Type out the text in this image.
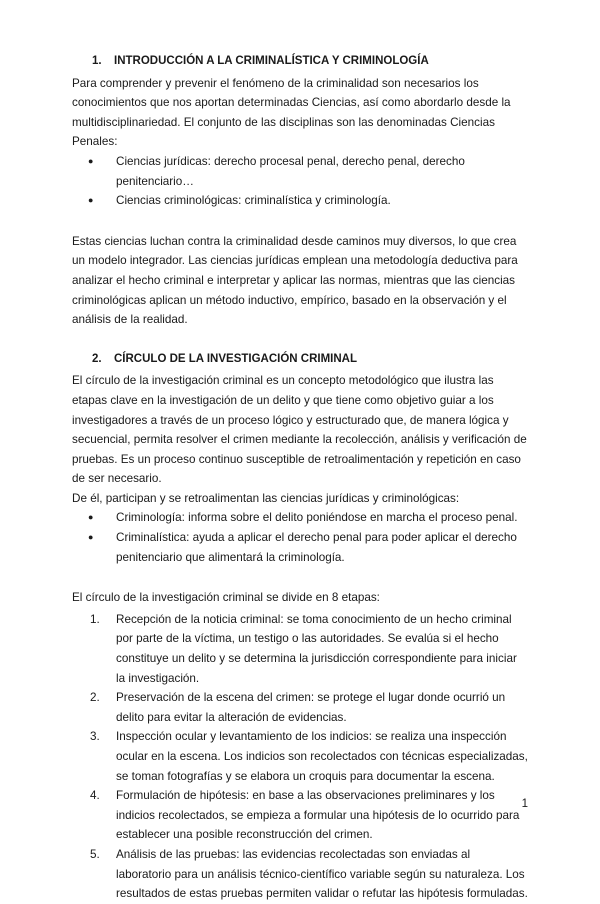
1.	INTRODUCCIÓN A LA CRIMINALÍSTICA Y CRIMINOLOGÍA

Para comprender y prevenir el fenómeno de la criminalidad son necesarios los conocimientos que nos aportan determinadas Ciencias, así como abordarlo desde la multidisciplinariedad. El conjunto de las disciplinas son las denominadas Ciencias Penales:

● Ciencias jurídicas: derecho procesal penal, derecho penal, derecho penitenciario…
● Ciencias criminológicas: criminalística y criminología.

Estas ciencias luchan contra la criminalidad desde caminos muy diversos, lo que crea un modelo integrador. Las ciencias jurídicas emplean una metodología deductiva para analizar el hecho criminal e interpretar y aplicar las normas, mientras que las ciencias criminológicas aplican un método inductivo, empírico, basado en la observación y el análisis de la realidad.

2.	CÍRCULO DE LA INVESTIGACIÓN CRIMINAL

El círculo de la investigación criminal es un concepto metodológico que ilustra las etapas clave en la investigación de un delito y que tiene como objetivo guiar a los investigadores a través de un proceso lógico y estructurado que, de manera lógica y secuencial, permita resolver el crimen mediante la recolección, análisis y verificación de pruebas. Es un proceso continuo susceptible de retroalimentación y repetición en caso de ser necesario.

De él, participan y se retroalimentan las ciencias jurídicas y criminológicas:

● Criminología: informa sobre el delito poniéndose en marcha el proceso penal.
● Criminalística: ayuda a aplicar el derecho penal para poder aplicar el derecho penitenciario que alimentará la criminología.

El círculo de la investigación criminal se divide en 8 etapas:

1. Recepción de la noticia criminal: se toma conocimiento de un hecho criminal por parte de la víctima, un testigo o las autoridades. Se evalúa si el hecho constituye un delito y se determina la jurisdicción correspondiente para iniciar la investigación.
2. Preservación de la escena del crimen: se protege el lugar donde ocurrió un delito para evitar la alteración de evidencias.
3. Inspección ocular y levantamiento de los indicios: se realiza una inspección ocular en la escena. Los indicios son recolectados con técnicas especializadas, se toman fotografías y se elabora un croquis para documentar la escena.
4. Formulación de hipótesis: en base a las observaciones preliminares y los indicios recolectados, se empieza a formular una hipótesis de lo ocurrido para establecer una posible reconstrucción del crimen.
5. Análisis de las pruebas: las evidencias recolectadas son enviadas al laboratorio para un análisis técnico-científico variable según su naturaleza. Los resultados de estas pruebas permiten validar o refutar las hipótesis formuladas.
1
